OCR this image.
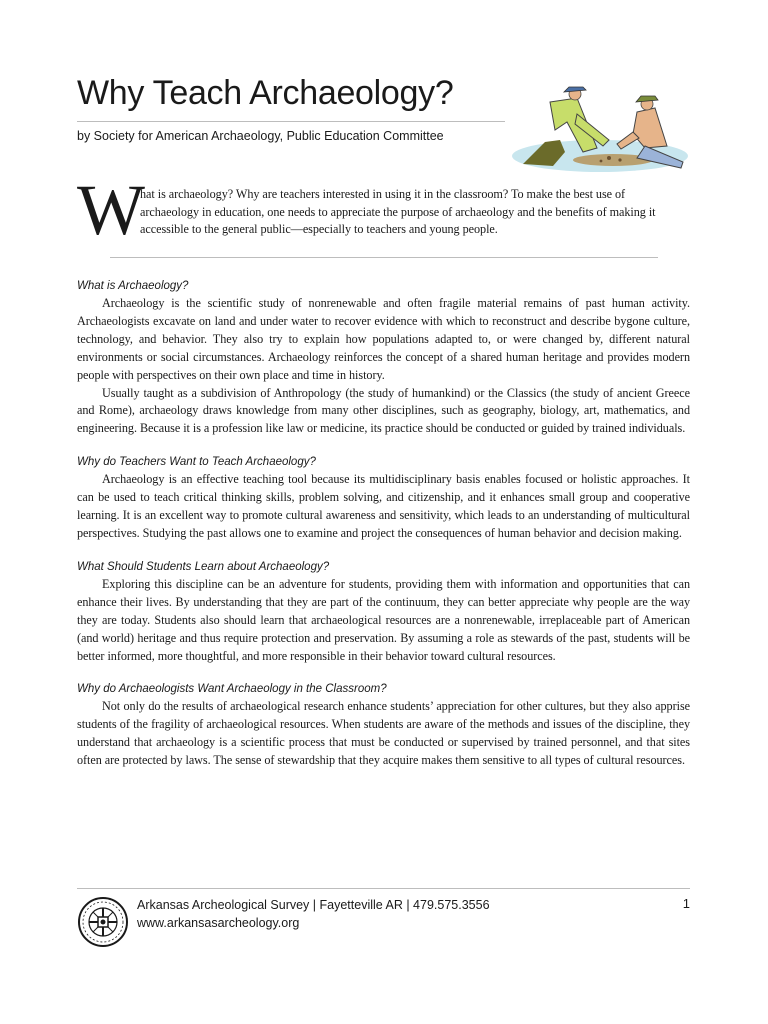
Why Teach Archaeology?
by Society for American Archaeology, Public Education Committee
W
hat is archaeology? Why are teachers interested in using it in the classroom? To make the best use of archaeology in education, one needs to appreciate the purpose of archaeology and the benefits of making it accessible to the general public—especially to teachers and young people.
What is Archaeology?

Archaeology is the scientific study of nonrenewable and often fragile material remains of past human activity. Archaeologists excavate on land and under water to recover evidence with which to reconstruct and describe bygone culture, technology, and behavior. They also try to explain how populations adapted to, or were changed by, different natural environments or social circumstances. Archaeology reinforces the concept of a shared human heritage and provides modern people with perspectives on their own place and time in history.

Usually taught as a subdivision of Anthropology (the study of humankind) or the Classics (the study of ancient Greece and Rome), archaeology draws knowledge from many other disciplines, such as geography, biology, art, mathematics, and engineering. Because it is a profession like law or medicine, its practice should be conducted or guided by trained individuals.

Why do Teachers Want to Teach Archaeology?

Archaeology is an effective teaching tool because its multidisciplinary basis enables focused or holistic approaches. It can be used to teach critical thinking skills, problem solving, and citizenship, and it enhances small group and cooperative learning. It is an excellent way to promote cultural awareness and sensitivity, which leads to an understanding of multicultural perspectives. Studying the past allows one to examine and project the consequences of human behavior and decision making.

What Should Students Learn about Archaeology?

Exploring this discipline can be an adventure for students, providing them with information and opportunities that can enhance their lives. By understanding that they are part of the continuum, they can better appreciate why people are the way they are today. Students also should learn that archaeological resources are a nonrenewable, irreplaceable part of American (and world) heritage and thus require protection and preservation. By assuming a role as stewards of the past, students will be better informed, more thoughtful, and more responsible in their behavior toward cultural resources.

Why do Archaeologists Want Archaeology in the Classroom?

Not only do the results of archaeological research enhance students’ appreciation for other cultures, but they also apprise students of the fragility of archaeological resources. When students are aware of the methods and issues of the discipline, they understand that archaeology is a scientific process that must be conducted or supervised by trained personnel, and that sites often are protected by laws. The sense of stewardship that they acquire makes them sensitive to all types of cultural resources.

Arkansas Archeological Survey | Fayetteville AR | 479.575.3556
www.arkansasarcheology.org
1
